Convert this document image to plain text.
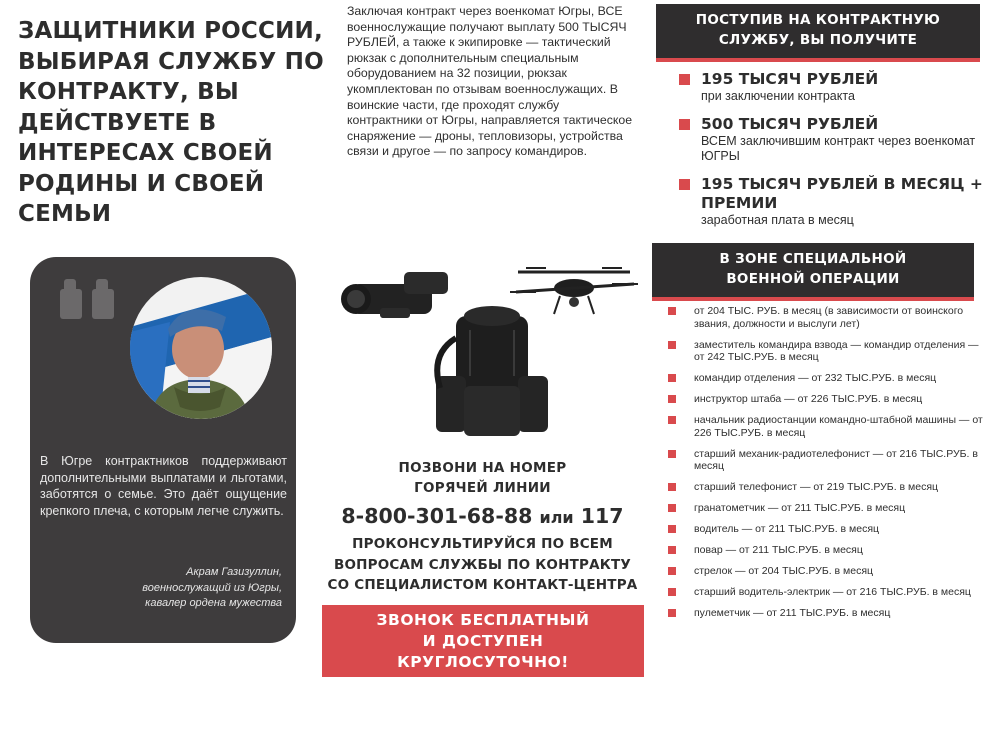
ЗАЩИТНИКИ РОССИИ, ВЫБИРАЯ СЛУЖБУ ПО КОНТРАКТУ, ВЫ ДЕЙСТВУЕТЕ В ИНТЕРЕСАХ СВОЕЙ РОДИНЫ И СВОЕЙ СЕМЬИ
В Югре контрактников поддерживают дополнительными выплатами и льготами, заботятся о семье. Это даёт ощущение крепкого плеча, с которым легче служить.
Акрам Газизуллин,
военнослужащий из Югры,
кавалер ордена мужества
Заключая контракт через военкомат Югры, ВСЕ военнослужащие получают выплату 500 ТЫСЯЧ РУБЛЕЙ, а также к экипировке — тактический рюкзак с дополнительным специальным оборудованием на 32 позиции, рюкзак укомплектован по отзывам военнослужащих. В воинские части, где проходят службу контрактники от Югры, направляется тактическое снаряжение — дроны, тепловизоры, устройства связи и другое — по запросу командиров.
ПОЗВОНИ НА НОМЕР
ГОРЯЧЕЙ ЛИНИИ
8-800-301-68-88 или 117
ПРОКОНСУЛЬТИРУЙСЯ ПО ВСЕМ
ВОПРОСАМ СЛУЖБЫ ПО КОНТРАКТУ
СО СПЕЦИАЛИСТОМ КОНТАКТ-ЦЕНТРА
ЗВОНОК БЕСПЛАТНЫЙ
И ДОСТУПЕН
КРУГЛОСУТОЧНО!
ПОСТУПИВ НА КОНТРАКТНУЮ
СЛУЖБУ, ВЫ ПОЛУЧИТЕ
195 ТЫСЯЧ РУБЛЕЙ
при заключении контракта
500 ТЫСЯЧ РУБЛЕЙ
ВСЕМ заключившим контракт через военкомат ЮГРЫ
195 ТЫСЯЧ РУБЛЕЙ В МЕСЯЦ + ПРЕМИИ
заработная плата в месяц
В ЗОНЕ СПЕЦИАЛЬНОЙ
ВОЕННОЙ ОПЕРАЦИИ
от 204 ТЫС. РУБ. в месяц (в зависимости от воинского звания, должности и выслуги лет)
заместитель командира взвода — командир отделения — от 242 ТЫС.РУБ. в месяц
командир отделения — от 232 ТЫС.РУБ. в месяц
инструктор штаба — от 226 ТЫС.РУБ. в месяц
начальник радиостанции командно-штабной машины — от 226 ТЫС.РУБ. в месяц
старший механик-радиотелефонист — от 216 ТЫС.РУБ. в месяц
старший телефонист — от 219 ТЫС.РУБ. в месяц
гранатометчик — от 211 ТЫС.РУБ. в месяц
водитель — от 211 ТЫС.РУБ. в месяц
повар — от 211 ТЫС.РУБ. в месяц
стрелок — от 204 ТЫС.РУБ. в месяц
старший водитель-электрик — от 216 ТЫС.РУБ. в месяц
пулеметчик — от 211 ТЫС.РУБ. в месяц
